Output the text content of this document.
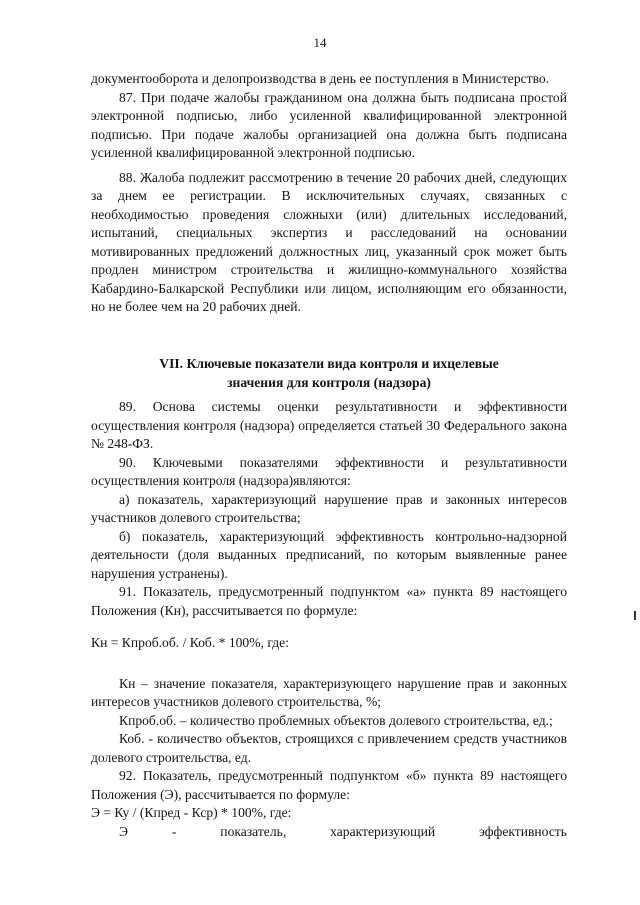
14

документооборота и делопроизводства в день ее поступления в Министерство.

87. При подаче жалобы гражданином она должна быть подписана простой электронной подписью, либо усиленной квалифицированной электронной подписью. При подаче жалобы организацией она должна быть подписана усиленной квалифицированной электронной подписью.

88. Жалоба подлежит рассмотрению в течение 20 рабочих дней, следующих за днем ее регистрации. В исключительных случаях, связанных с необходимостью проведения сложныхи (или) длительных исследований, испытаний, специальных экспертиз и расследований на основании мотивированных предложений должностных лиц, указанный срок может быть продлен министром строительства и жилищно-коммунального хозяйства Кабардино-Балкарской Республики или лицом, исполняющим его обязанности, но не более чем на 20 рабочих дней.

VII. Ключевые показатели вида контроля и ихцелевые
значения для контроля (надзора)

89. Основа системы оценки результативности и эффективности осуществления контроля (надзора) определяется статьей 30 Федерального закона № 248-ФЗ.

90. Ключевыми показателями эффективности и результативности осуществления контроля (надзора)являются:

а) показатель, характеризующий нарушение прав и законных интересов участников долевого строительства;

б) показатель, характеризующий эффективность контрольно-надзорной деятельности (доля выданных предписаний, по которым выявленные ранее нарушения устранены).

91. Показатель, предусмотренный подпунктом «а» пункта 89 настоящего Положения (Кн), рассчитывается по формуле:

Кн = Кпроб.об. / Коб. * 100%, где:

Кн – значение показателя, характеризующего нарушение прав и законных интересов участников долевого строительства, %;

Кпроб.об. – количество проблемных объектов долевого строительства, ед.;

Коб. - количество объектов, строящихся с привлечением средств участников долевого строительства, ед.

92. Показатель, предусмотренный подпунктом «б» пункта 89 настоящего Положения (Э), рассчитывается по формуле:

Э = Ку / (Кпред - Кср) * 100%, где:

Э - показатель, характеризующий эффективность
